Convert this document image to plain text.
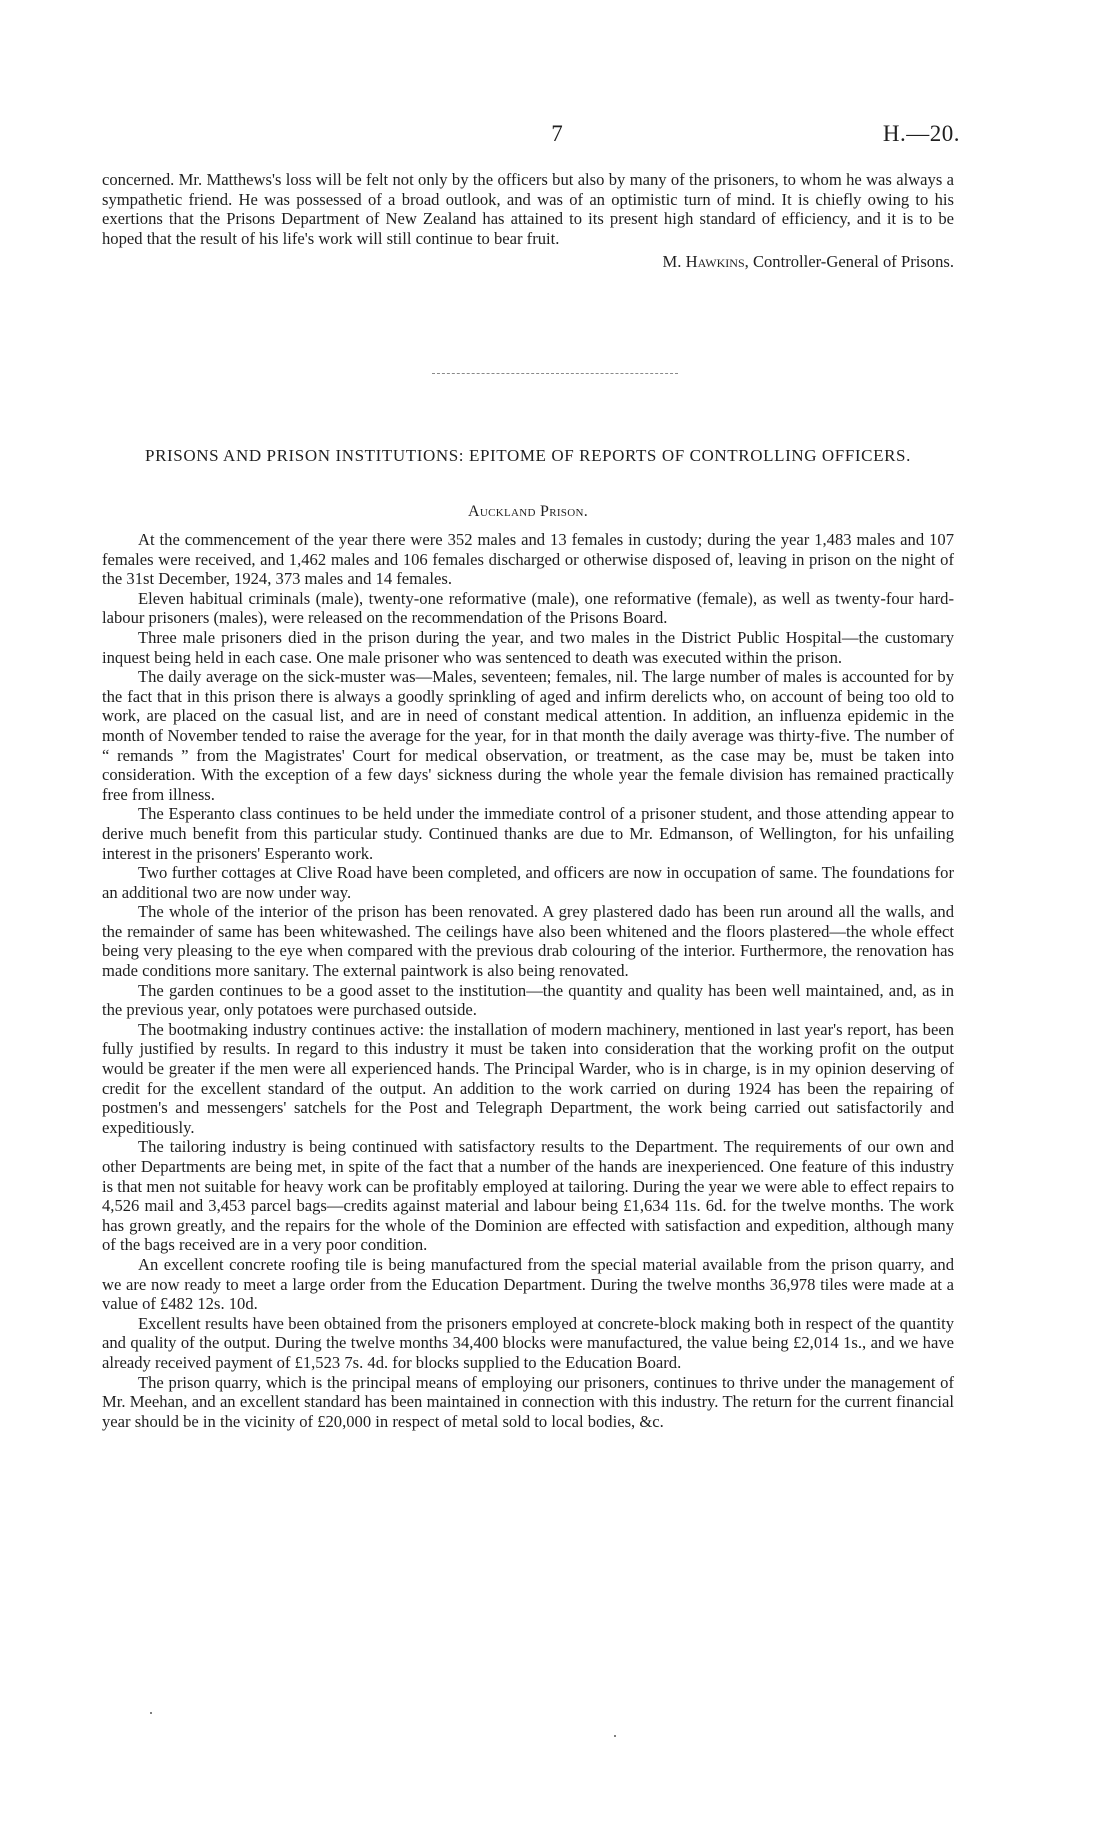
7	H.—20.

concerned. Mr. Matthews's loss will be felt not only by the officers but also by many of the prisoners, to whom he was always a sympathetic friend. He was possessed of a broad outlook, and was of an optimistic turn of mind. It is chiefly owing to his exertions that the Prisons Department of New Zealand has attained to its present high standard of efficiency, and it is to be hoped that the result of his life's work will still continue to bear fruit.

M. Hawkins, Controller-General of Prisons.
PRISONS AND PRISON INSTITUTIONS: EPITOME OF REPORTS OF CONTROLLING OFFICERS.
Auckland Prison.

At the commencement of the year there were 352 males and 13 females in custody; during the year 1,483 males and 107 females were received, and 1,462 males and 106 females discharged or otherwise disposed of, leaving in prison on the night of the 31st December, 1924, 373 males and 14 females.

Eleven habitual criminals (male), twenty-one reformative (male), one reformative (female), as well as twenty-four hard-labour prisoners (males), were released on the recommendation of the Prisons Board.

Three male prisoners died in the prison during the year, and two males in the District Public Hospital—the customary inquest being held in each case. One male prisoner who was sentenced to death was executed within the prison.

The daily average on the sick-muster was—Males, seventeen; females, nil. The large number of males is accounted for by the fact that in this prison there is always a goodly sprinkling of aged and infirm derelicts who, on account of being too old to work, are placed on the casual list, and are in need of constant medical attention. In addition, an influenza epidemic in the month of November tended to raise the average for the year, for in that month the daily average was thirty-five. The number of “ remands ” from the Magistrates' Court for medical observation, or treatment, as the case may be, must be taken into consideration. With the exception of a few days' sickness during the whole year the female division has remained practically free from illness.

The Esperanto class continues to be held under the immediate control of a prisoner student, and those attending appear to derive much benefit from this particular study. Continued thanks are due to Mr. Edmanson, of Wellington, for his unfailing interest in the prisoners' Esperanto work.

Two further cottages at Clive Road have been completed, and officers are now in occupation of same. The foundations for an additional two are now under way.

The whole of the interior of the prison has been renovated. A grey plastered dado has been run around all the walls, and the remainder of same has been whitewashed. The ceilings have also been whitened and the floors plastered—the whole effect being very pleasing to the eye when compared with the previous drab colouring of the interior. Furthermore, the renovation has made conditions more sanitary. The external paintwork is also being renovated.

The garden continues to be a good asset to the institution—the quantity and quality has been well maintained, and, as in the previous year, only potatoes were purchased outside.

The bootmaking industry continues active: the installation of modern machinery, mentioned in last year's report, has been fully justified by results. In regard to this industry it must be taken into consideration that the working profit on the output would be greater if the men were all experienced hands. The Principal Warder, who is in charge, is in my opinion deserving of credit for the excellent standard of the output. An addition to the work carried on during 1924 has been the repairing of postmen's and messengers' satchels for the Post and Telegraph Department, the work being carried out satisfactorily and expeditiously.

The tailoring industry is being continued with satisfactory results to the Department. The requirements of our own and other Departments are being met, in spite of the fact that a number of the hands are inexperienced. One feature of this industry is that men not suitable for heavy work can be profitably employed at tailoring. During the year we were able to effect repairs to 4,526 mail and 3,453 parcel bags—credits against material and labour being £1,634 11s. 6d. for the twelve months. The work has grown greatly, and the repairs for the whole of the Dominion are effected with satisfaction and expedition, although many of the bags received are in a very poor condition.

An excellent concrete roofing tile is being manufactured from the special material available from the prison quarry, and we are now ready to meet a large order from the Education Department. During the twelve months 36,978 tiles were made at a value of £482 12s. 10d.

Excellent results have been obtained from the prisoners employed at concrete-block making both in respect of the quantity and quality of the output. During the twelve months 34,400 blocks were manufactured, the value being £2,014 1s., and we have already received payment of £1,523 7s. 4d. for blocks supplied to the Education Board.

The prison quarry, which is the principal means of employing our prisoners, continues to thrive under the management of Mr. Meehan, and an excellent standard has been maintained in connection with this industry. The return for the current financial year should be in the vicinity of £20,000 in respect of metal sold to local bodies, &c.
